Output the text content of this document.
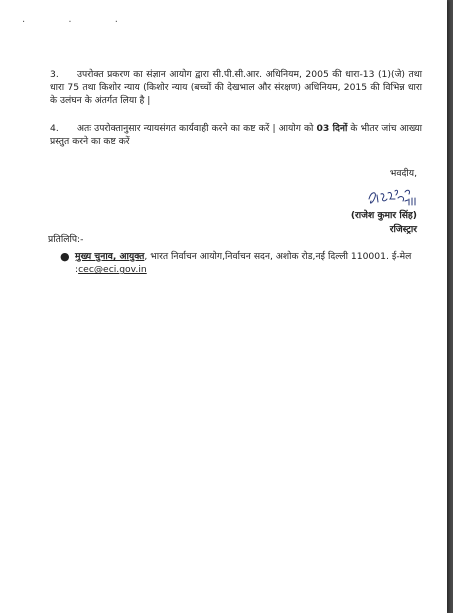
· · ·
3. उपरोक्त प्रकरण का संज्ञान आयोग द्वारा सी.पी.सी.आर. अधिनियम, 2005 की धारा-13 (1)(जे) तथा धारा 75 तथा किशोर न्याय (किशोर न्याय (बच्चों की देखभाल और संरक्षण) अधिनियम, 2015 की विभिन्न धारा के उलंघन के अंतर्गत लिया है |
4. अतः उपरोक्तानुसार न्यायसंगत कार्यवाही करने का कष्ट करें | आयोग को 03 दिनों के भीतर जांच आख्या प्रस्तुत करने का कष्ट करें
भवदीय,
(राजेश कुमार सिंह)
रजिस्ट्रार
प्रतिलिपि:-
● मुख्य चुनाव, आयुक्त, भारत निर्वाचन आयोग,निर्वाचन सदन, अशोक रोड,नई दिल्ली 110001. ई-मेल :cec@eci.gov.in
